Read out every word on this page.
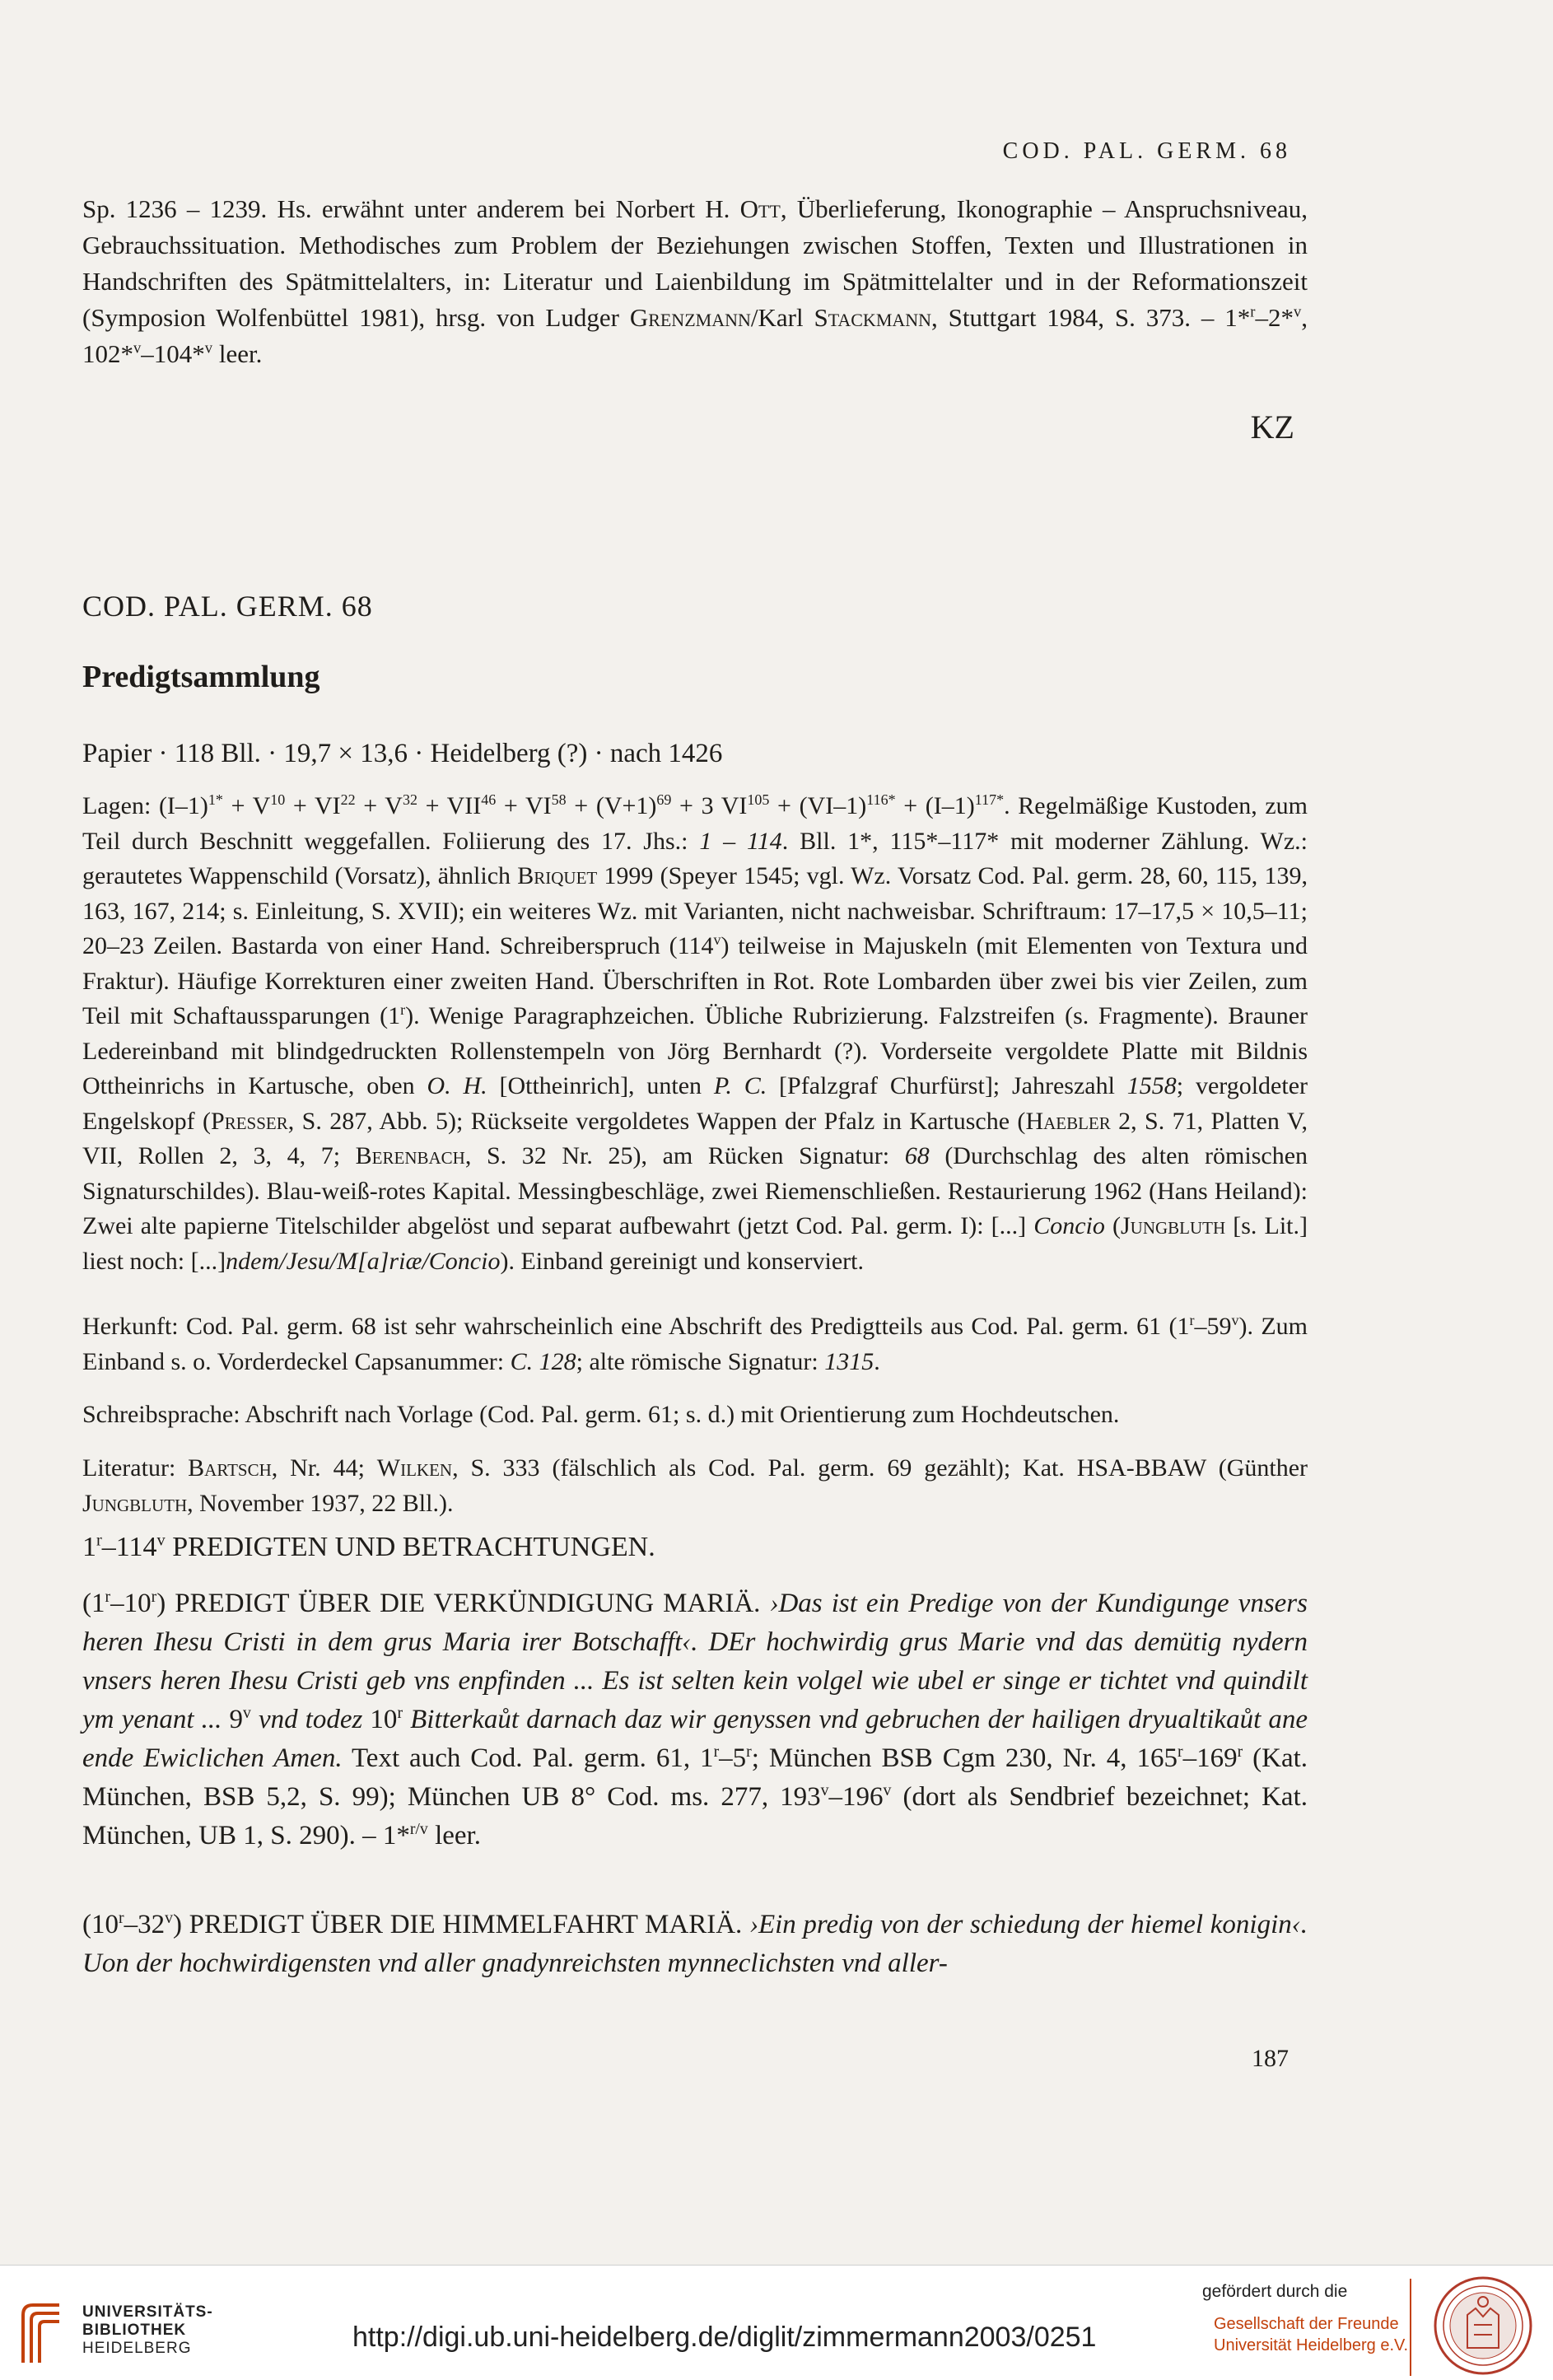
COD. PAL. GERM. 68

Sp. 1236 – 1239. Hs. erwähnt unter anderem bei Norbert H. Ott, Überlieferung, Ikonographie – Anspruchsniveau, Gebrauchssituation. Methodisches zum Problem der Beziehungen zwischen Stoffen, Texten und Illustrationen in Handschriften des Spätmittelalters, in: Literatur und Laienbildung im Spätmittelalter und in der Reformationszeit (Symposion Wolfenbüttel 1981), hrsg. von Ludger Grenzmann/Karl Stackmann, Stuttgart 1984, S. 373. – 1*$^r$–2*$^v$, 102*$^v$–104*$^v$ leer.

KZ
COD. PAL. GERM. 68
Predigtsammlung
Papier · 118 Bll. · 19,7 × 13,6 · Heidelberg (?) · nach 1426

Lagen: $(I-1)^{1*} + V^{10} + VI^{22} + V^{32} + VII^{46} + VI^{58} + (V+1)^{69} + 3$ $VI^{105} + (VI-1)^{116*} + (I-1)^{117*}$. Regelmäßige Kustoden, zum Teil durch Beschnitt weggefallen. Foliierung des 17. Jhs.: 1 – 114. Bll. 1*, 115*–117* mit moderner Zählung. Wz.: gerautetes Wappenschild (Vorsatz), ähnlich Briquet 1999 (Speyer 1545; vgl. Wz. Vorsatz Cod. Pal. germ. 28, 60, 115, 139, 163, 167, 214; s. Einleitung, S. XVII); ein weiteres Wz. mit Varianten, nicht nachweisbar. Schriftraum: 17–17,5 × 10,5–11; 20–23 Zeilen. Bastarda von einer Hand. Schreiberspruch (114$^v$) teilweise in Majuskeln (mit Elementen von Textura und Fraktur). Häufige Korrekturen einer zweiten Hand. Überschriften in Rot. Rote Lombarden über zwei bis vier Zeilen, zum Teil mit Schaftaussparungen (1$^r$). Wenige Paragraphzeichen. Übliche Rubrizierung. Falzstreifen (s. Fragmente). Brauner Ledereinband mit blindgedruckten Rollenstempeln von Jörg Bernhardt (?). Vorderseite vergoldete Platte mit Bildnis Ottheinrichs in Kartusche, oben O. H. [Ottheinrich], unten P. C. [Pfalzgraf Churfürst]; Jahreszahl 1558; vergoldeter Engelskopf (Presser, S. 287, Abb. 5); Rückseite vergoldetes Wappen der Pfalz in Kartusche (Haebler 2, S. 71, Platten V, VII, Rollen 2, 3, 4, 7; Berenbach, S. 32 Nr. 25), am Rücken Signatur: 68 (Durchschlag des alten römischen Signaturschildes). Blau-weiß-rotes Kapital. Messingbeschläge, zwei Riemenschließen. Restaurierung 1962 (Hans Heiland): Zwei alte papierne Titelschilder abgelöst und separat aufbewahrt (jetzt Cod. Pal. germ. I): [...] Concio (Jungbluth [s. Lit.] liest noch: [...]ndem/Jesu/M[a]riæ/Concio). Einband gereinigt und konserviert.

Herkunft: Cod. Pal. germ. 68 ist sehr wahrscheinlich eine Abschrift des Predigtteils aus Cod. Pal. germ. 61 (1$^r$–59$^v$). Zum Einband s. o. Vorderdeckel Capsanummer: C. 128; alte römische Signatur: 1315.

Schreibsprache: Abschrift nach Vorlage (Cod. Pal. germ. 61; s. d.) mit Orientierung zum Hochdeutschen.

Literatur: Bartsch, Nr. 44; Wilken, S. 333 (fälschlich als Cod. Pal. germ. 69 gezählt); Kat. HSA-BBAW (Günther Jungbluth, November 1937, 22 Bll.).

1$^r$–114$^v$ PREDIGTEN UND BETRACHTUNGEN.

(1$^r$–10$^r$) PREDIGT ÜBER DIE VERKÜNDIGUNG MARIÄ. ›Das ist ein Predige von der Kundigunge vnsers heren Ihesu Cristi in dem grus Maria irer Botschafft‹. DEr hochwirdig grus Marie vnd das demütig nydern vnsers heren Ihesu Cristi geb vns enpfinden ... Es ist selten kein volgel wie ubel er singe er tichtet vnd quindilt ym yenant ... 9$^v$ vnd todez 10$^r$ Bitterkaůt darnach daz wir genyssen vnd gebruchen der hailigen dryualtikaůt ane ende Ewiclichen Amen. Text auch Cod. Pal. germ. 61, 1$^r$–5$^r$; München BSB Cgm 230, Nr. 4, 165$^r$–169$^r$ (Kat. München, BSB 5,2, S. 99); München UB 8° Cod. ms. 277, 193$^v$–196$^v$ (dort als Sendbrief bezeichnet; Kat. München, UB 1, S. 290). – 1*$^{r/v}$ leer.

(10$^r$–32$^v$) PREDIGT ÜBER DIE HIMMELFAHRT MARIÄ. ›Ein predig von der schiedung der hiemel konigin‹. Uon der hochwirdigensten vnd aller gnadynreichsten mynneclichsten vnd aller-

187
UNIVERSITÄTS-
BIBLIOTHEK
HEIDELBERG	http://digi.ub.uni-heidelberg.de/diglit/zimmermann2003/0251
gefördert durch die
Gesellschaft der Freunde
Universität Heidelberg e.V.
